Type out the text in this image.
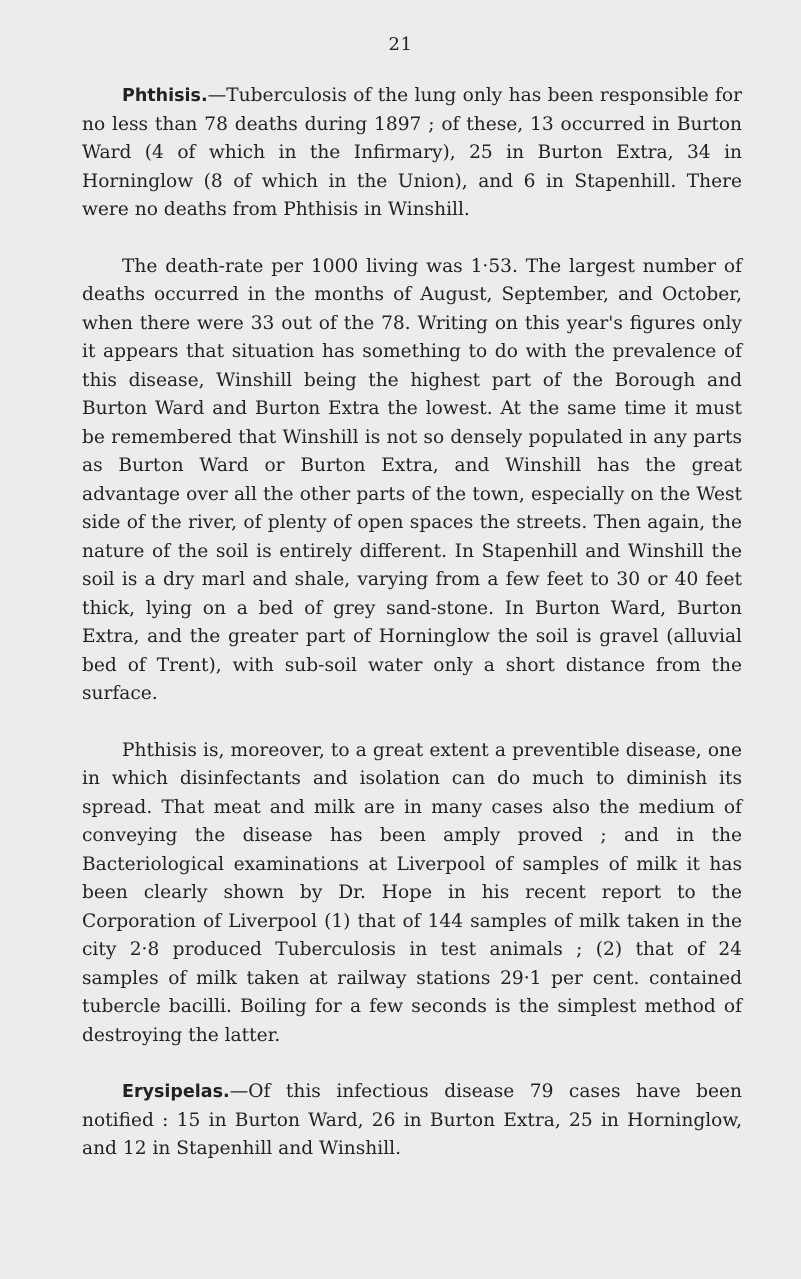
21

Phthisis.—Tuberculosis of the lung only has been responsible for no less than 78 deaths during 1897 ; of these, 13 occurred in Burton Ward (4 of which in the Infirmary), 25 in Burton Extra, 34 in Horninglow (8 of which in the Union), and 6 in Stapenhill. There were no deaths from Phthisis in Winshill.

The death-rate per 1000 living was 1·53. The largest number of deaths occurred in the months of August, September, and October, when there were 33 out of the 78. Writing on this year's figures only it appears that situation has something to do with the prevalence of this disease, Winshill being the highest part of the Borough and Burton Ward and Burton Extra the lowest. At the same time it must be remembered that Winshill is not so densely populated in any parts as Burton Ward or Burton Extra, and Winshill has the great advantage over all the other parts of the town, especially on the West side of the river, of plenty of open spaces the streets. Then again, the nature of the soil is entirely different. In Stapenhill and Winshill the soil is a dry marl and shale, varying from a few feet to 30 or 40 feet thick, lying on a bed of grey sand-stone. In Burton Ward, Burton Extra, and the greater part of Horninglow the soil is gravel (alluvial bed of Trent), with sub-soil water only a short distance from the surface.

Phthisis is, moreover, to a great extent a preventible disease, one in which disinfectants and isolation can do much to diminish its spread. That meat and milk are in many cases also the medium of conveying the disease has been amply proved ; and in the Bacteriological examinations at Liverpool of samples of milk it has been clearly shown by Dr. Hope in his recent report to the Corporation of Liverpool (1) that of 144 samples of milk taken in the city 2·8 produced Tuberculosis in test animals ; (2) that of 24 samples of milk taken at railway stations 29·1 per cent. contained tubercle bacilli. Boiling for a few seconds is the simplest method of destroying the latter.

Erysipelas.—Of this infectious disease 79 cases have been notified : 15 in Burton Ward, 26 in Burton Extra, 25 in Horninglow, and 12 in Stapenhill and Winshill.
